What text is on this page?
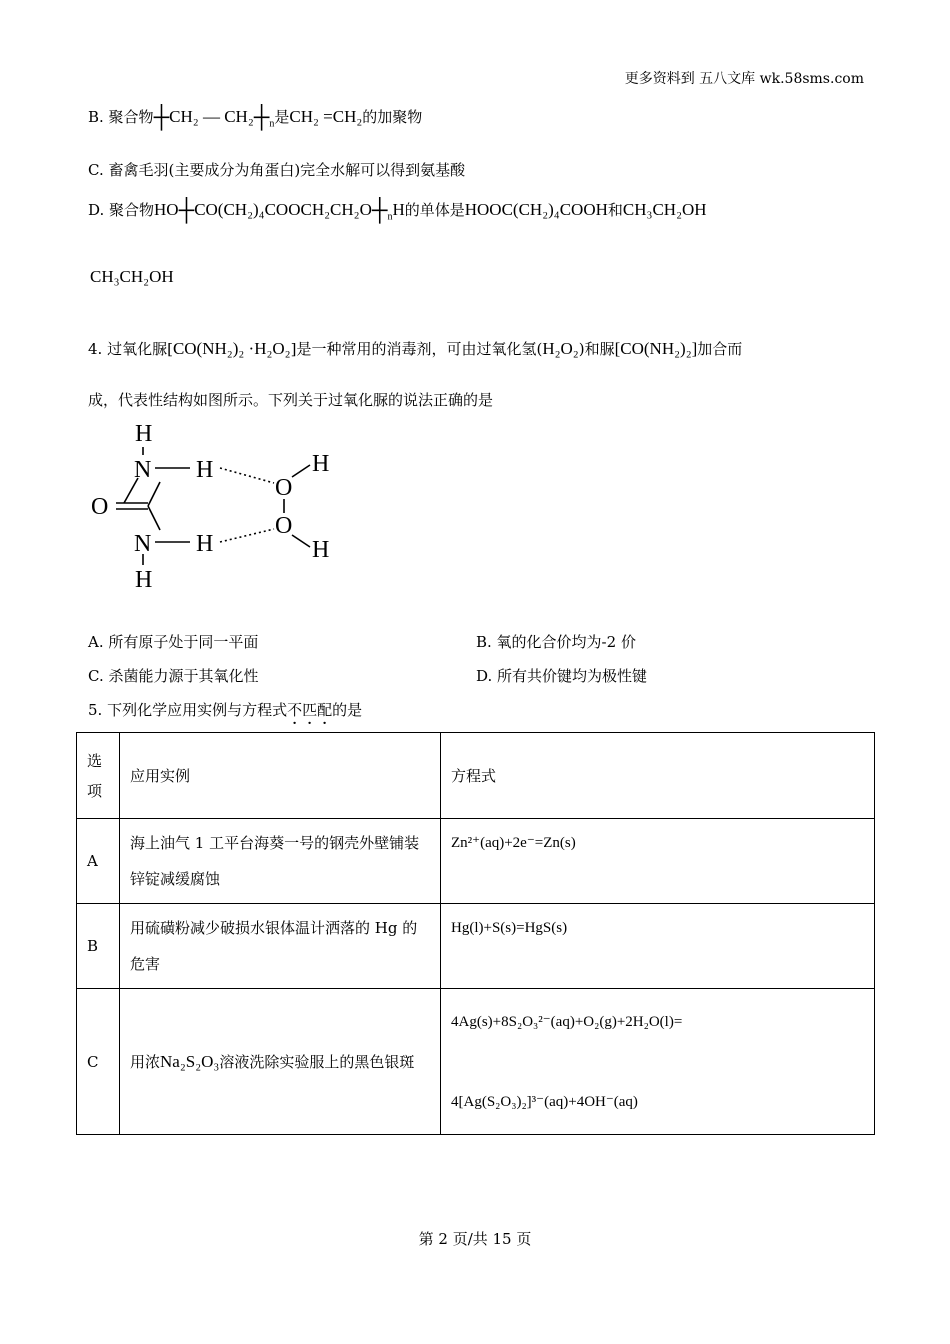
更多资料到 五八文库 wk.58sms.com
B. 聚合物┼CH₂ — $CH_2┼_n$是CH₂ =CH₂的加聚物
C. 畜禽毛羽(主要成分为角蛋白)完全水解可以得到氨基酸
D. 聚合物$HO┼CO(CH_2)_4COOCH_2CH_2O┼_nH$的单体是HOOC(CH₂)₄COOH和CH₃CH₂OH
CH₃CH₂OH
4. 过氧化脲[CO(NH₂)₂ ·H₂O₂]是一种常用的消毒剂，可由过氧化氢(H₂O₂)和脲[CO(NH₂)₂]加合而
成，代表性结构如图所示。下列关于过氧化脲的说法正确的是
H
N H
O
N H
H
O
O
H
H
A. 所有原子处于同一平面	B. 氧的化合价均为-2 价
C. 杀菌能力源于其氧化性	D. 所有共价键均为极性键
5. 下列化学应用实例与方程式不匹配的是
选
项	应用实例	方程式
A	海上油气 1 工平台海葵一号的钢壳外壁铺装锌锭减缓腐蚀	Zn²⁺(aq)+2e⁻=Zn(s)
B	用硫磺粉减少破损水银体温计洒落的 Hg 的危害	Hg(l)+S(s)=HgS(s)
C	用浓Na₂S₂O₃溶液洗除实验服上的黑色银斑	4Ag(s)+8S₂O₃²⁻(aq)+O₂(g)+2H₂O(l)=
4[Ag(S₂O₃)₂]³⁻(aq)+4OH⁻(aq)
第 2 页/共 15 页
